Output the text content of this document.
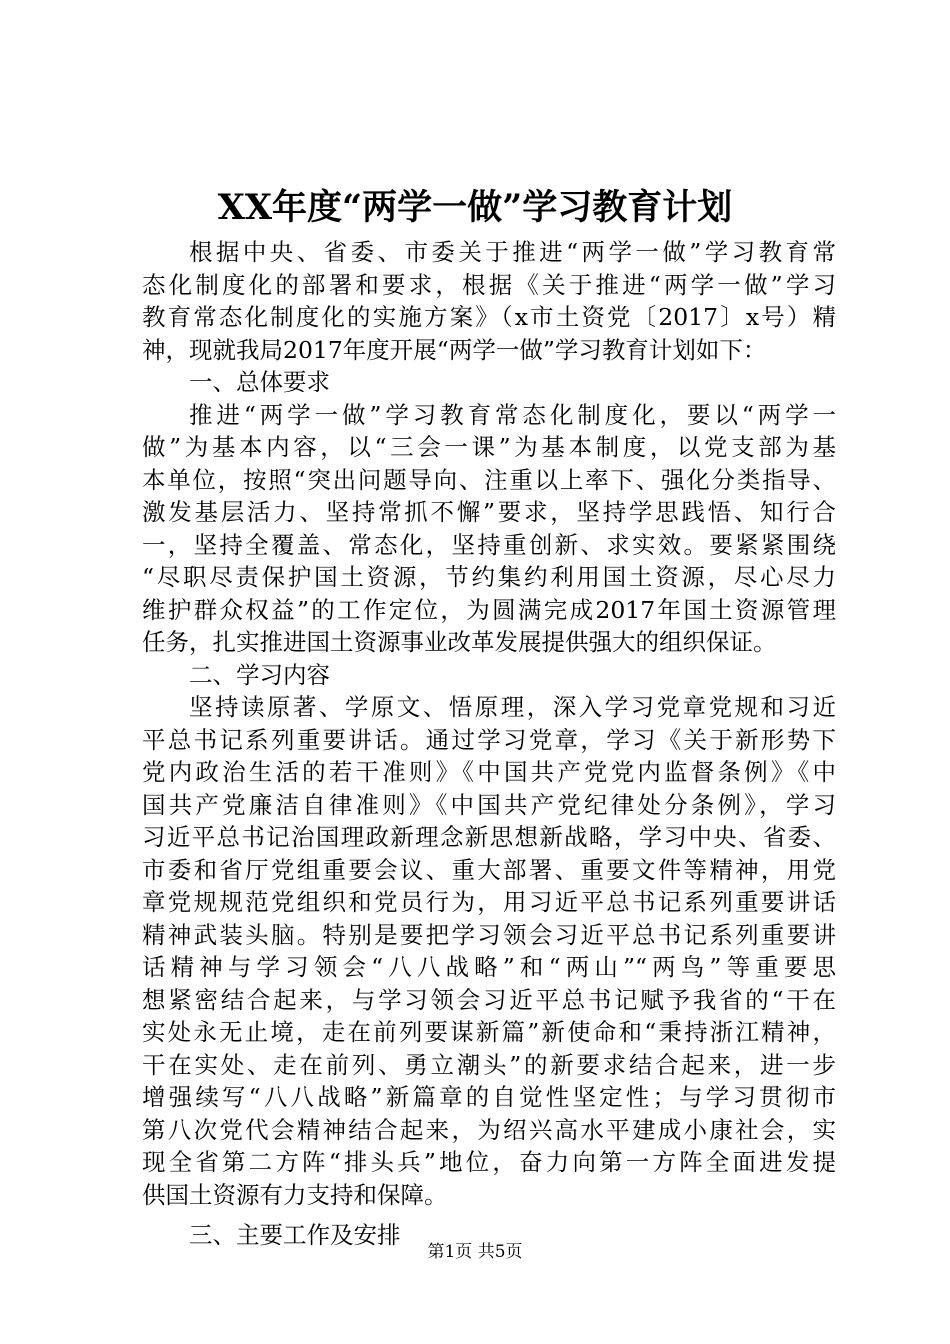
XX年度“两学一做”学习教育计划
根据中央、省委、市委关于推进“两学一做”学习教育常
态化制度化的部署和要求，根据《关于推进“两学一做”学习
教育常态化制度化的实施方案》（x市土资党〔2017〕x号）精
神，现就我局2017年度开展“两学一做”学习教育计划如下：
一、总体要求
推进“两学一做”学习教育常态化制度化，要以“两学一
做”为基本内容，以“三会一课”为基本制度，以党支部为基
本单位，按照“突出问题导向、注重以上率下、强化分类指导、
激发基层活力、坚持常抓不懈”要求，坚持学思践悟、知行合
一，坚持全覆盖、常态化，坚持重创新、求实效。要紧紧围绕
“尽职尽责保护国土资源，节约集约利用国土资源，尽心尽力
维护群众权益”的工作定位，为圆满完成2017年国土资源管理
任务，扎实推进国土资源事业改革发展提供强大的组织保证。
二、学习内容
坚持读原著、学原文、悟原理，深入学习党章党规和习近
平总书记系列重要讲话。通过学习党章，学习《关于新形势下
党内政治生活的若干准则》《中国共产党党内监督条例》《中
国共产党廉洁自律准则》《中国共产党纪律处分条例》，学习
习近平总书记治国理政新理念新思想新战略，学习中央、省委、
市委和省厅党组重要会议、重大部署、重要文件等精神，用党
章党规规范党组织和党员行为，用习近平总书记系列重要讲话
精神武装头脑。特别是要把学习领会习近平总书记系列重要讲
话精神与学习领会“八八战略”和“两山”“两鸟”等重要思
想紧密结合起来，与学习领会习近平总书记赋予我省的“干在
实处永无止境，走在前列要谋新篇”新使命和“秉持浙江精神，
干在实处、走在前列、勇立潮头”的新要求结合起来，进一步
增强续写“八八战略”新篇章的自觉性坚定性；与学习贯彻市
第八次党代会精神结合起来，为绍兴高水平建成小康社会，实
现全省第二方阵“排头兵”地位，奋力向第一方阵全面进发提
供国土资源有力支持和保障。
三、主要工作及安排
第1页 共5页
